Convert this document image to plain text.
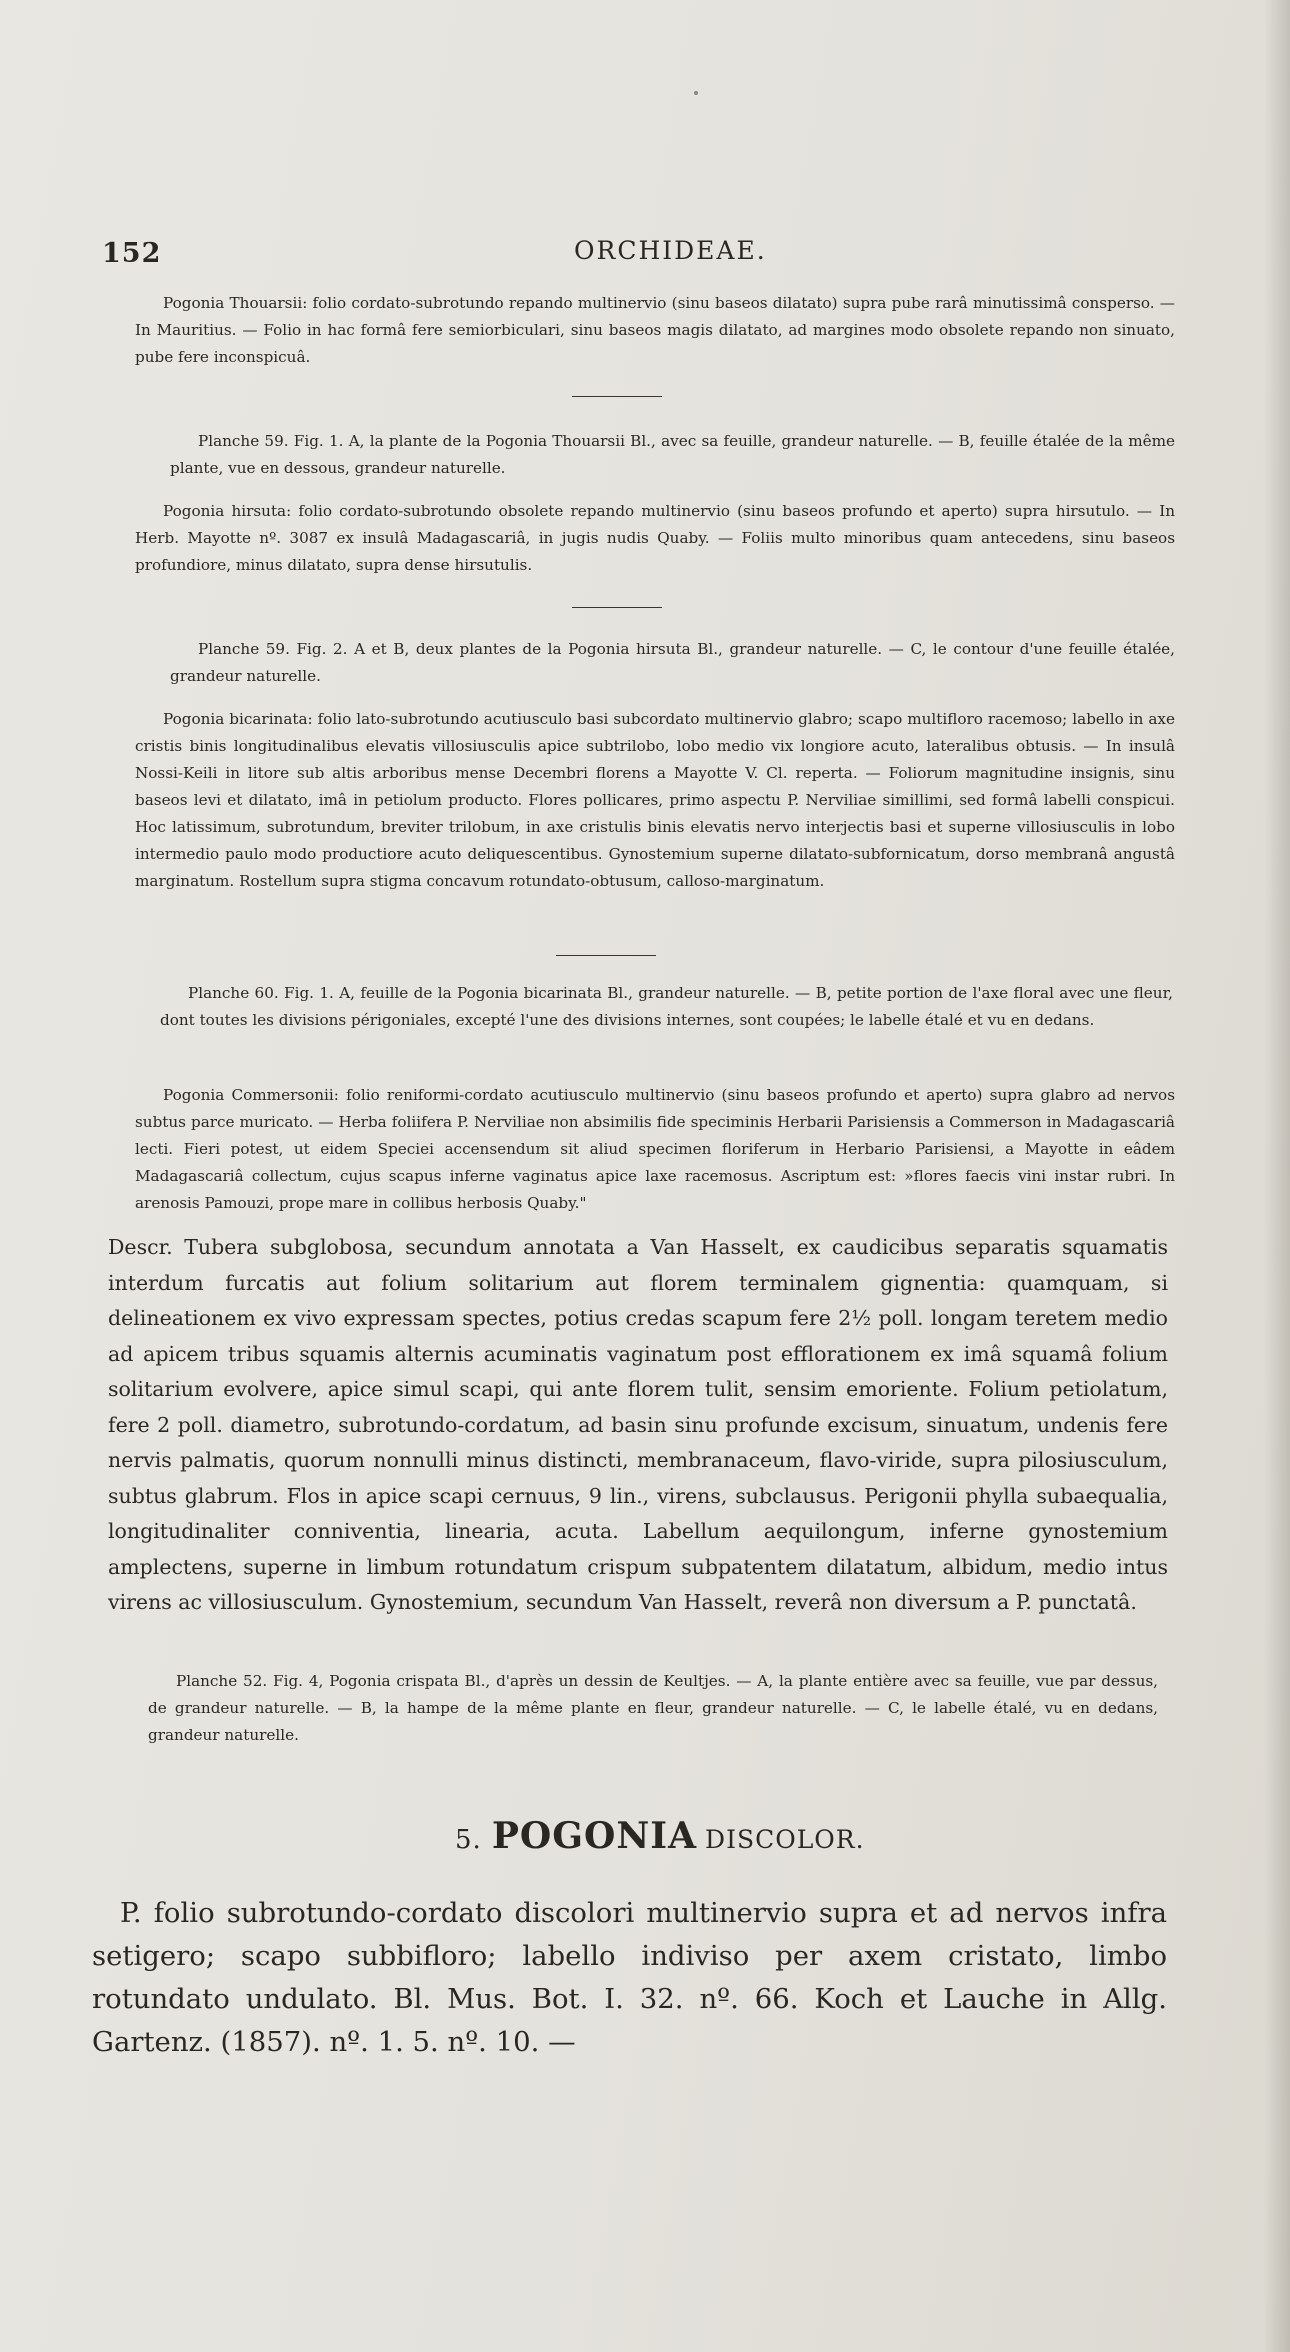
152	ORCHIDEAE.

Pogonia Thouarsii: folio cordato-subrotundo repando multinervio (sinu baseos dilatato) supra pube rarâ minutissimâ consperso. — In Mauritius. — Folio in hac formâ fere semiorbiculari, sinu baseos magis dilatato, ad margines modo obsolete repando non sinuato, pube fere inconspicuâ.

Planche 59. Fig. 1. A, la plante de la Pogonia Thouarsii Bl., avec sa feuille, grandeur naturelle. — B, feuille étalée de la même plante, vue en dessous, grandeur naturelle.

Pogonia hirsuta: folio cordato-subrotundo obsolete repando multinervio (sinu baseos profundo et aperto) supra hirsutulo. — In Herb. Mayotte nº. 3087 ex insulâ Madagascariâ, in jugis nudis Quaby. — Foliis multo minoribus quam antecedens, sinu baseos profundiore, minus dilatato, supra dense hirsutulis.

Planche 59. Fig. 2. A et B, deux plantes de la Pogonia hirsuta Bl., grandeur naturelle. — C, le contour d'une feuille étalée, grandeur naturelle.

Pogonia bicarinata: folio lato-subrotundo acutiusculo basi subcordato multinervio glabro; scapo multifloro racemoso; labello in axe cristis binis longitudinalibus elevatis villosiusculis apice subtrilobo, lobo medio vix longiore acuto, lateralibus obtusis. — In insulâ Nossi-Keili in litore sub altis arboribus mense Decembri florens a Mayotte V. Cl. reperta. — Foliorum magnitudine insignis, sinu baseos levi et dilatato, imâ in petiolum producto. Flores pollicares, primo aspectu P. Nerviliae simillimi, sed formâ labelli conspicui. Hoc latissimum, subrotundum, breviter trilobum, in axe cristulis binis elevatis nervo interjectis basi et superne villosiusculis in lobo intermedio paulo modo productiore acuto deliquescentibus. Gynostemium superne dilatato-subfornicatum, dorso membranâ angustâ marginatum. Rostellum supra stigma concavum rotundato-obtusum, calloso-marginatum.

Planche 60. Fig. 1. A, feuille de la Pogonia bicarinata Bl., grandeur naturelle. — B, petite portion de l'axe floral avec une fleur, dont toutes les divisions périgoniales, excepté l'une des divisions internes, sont coupées; le labelle étalé et vu en dedans.

Pogonia Commersonii: folio reniformi-cordato acutiusculo multinervio (sinu baseos profundo et aperto) supra glabro ad nervos subtus parce muricato. — Herba foliifera P. Nerviliae non absimilis fide speciminis Herbarii Parisiensis a Commerson in Madagascariâ lecti. Fieri potest, ut eidem Speciei accensendum sit aliud specimen floriferum in Herbario Parisiensi, a Mayotte in eâdem Madagascariâ collectum, cujus scapus inferne vaginatus apice laxe racemosus. Ascriptum est: »flores faecis vini instar rubri. In arenosis Pamouzi, prope mare in collibus herbosis Quaby."

Descr. Tubera subglobosa, secundum annotata a Van Hasselt, ex caudicibus separatis squamatis interdum furcatis aut folium solitarium aut florem terminalem gignentia: quamquam, si delineationem ex vivo expressam spectes, potius credas scapum fere 2½ poll. longam teretem medio ad apicem tribus squamis alternis acuminatis vaginatum post efflorationem ex imâ squamâ folium solitarium evolvere, apice simul scapi, qui ante florem tulit, sensim emoriente. Folium petiolatum, fere 2 poll. diametro, subrotundo-cordatum, ad basin sinu profunde excisum, sinuatum, undenis fere nervis palmatis, quorum nonnulli minus distincti, membranaceum, flavo-viride, supra pilosiusculum, subtus glabrum. Flos in apice scapi cernuus, 9 lin., virens, subclausus. Perigonii phylla subaequalia, longitudinaliter conniventia, linearia, acuta. Labellum aequilongum, inferne gynostemium amplectens, superne in limbum rotundatum crispum subpatentem dilatatum, albidum, medio intus virens ac villosiusculum. Gynostemium, secundum Van Hasselt, reverâ non diversum a P. punctatâ.

Planche 52. Fig. 4, Pogonia crispata Bl., d'après un dessin de Keultjes. — A, la plante entière avec sa feuille, vue par dessus, de grandeur naturelle. — B, la hampe de la même plante en fleur, grandeur naturelle. — C, le labelle étalé, vu en dedans, grandeur naturelle.

5. POGONIA DISCOLOR.

P. folio subrotundo-cordato discolori multinervio supra et ad nervos infra setigero; scapo subbifloro; labello indiviso per axem cristato, limbo rotundato undulato. Bl. Mus. Bot. I. 32. nº. 66. Koch et Lauche in Allg. Gartenz. (1857). nº. 1. 5. nº. 10. —
